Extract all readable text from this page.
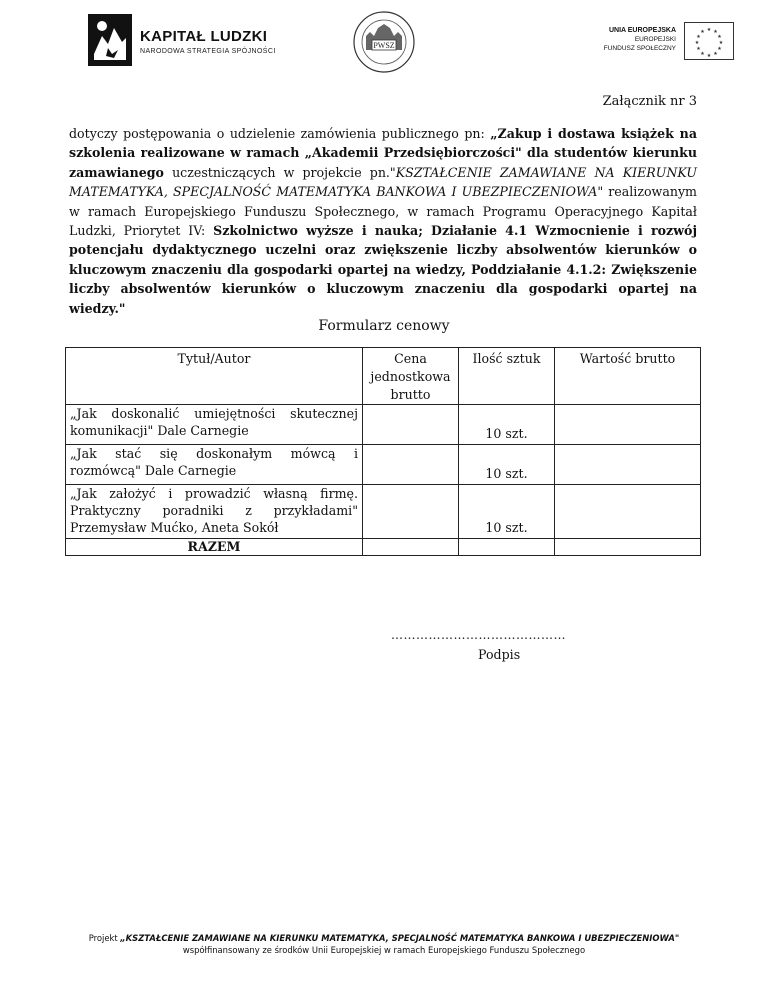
KAPITAŁ LUDZKI
NARODOWA STRATEGIA SPÓJNOŚCI
PWSZ
UNIA EUROPEJSKA
EUROPEJSKI
FUNDUSZ SPOŁECZNY
★ ★
★
★
★
★
★
★
★
★
★
★
Załącznik nr 3
dotyczy postępowania o udzielenie zamówienia publicznego pn: „Zakup i dostawa książek na szkolenia realizowane w ramach „Akademii Przedsiębiorczości" dla studentów kierunku zamawianego uczestniczących w projekcie pn."KSZTAŁCENIE ZAMAWIANE NA KIERUNKU MATEMATYKA, SPECJALNOŚĆ MATEMATYKA BANKOWA I UBEZPIECZENIOWA" realizowanym w ramach Europejskiego Funduszu Społecznego, w ramach Programu Operacyjnego Kapitał Ludzki, Priorytet IV: Szkolnictwo wyższe i nauka; Działanie 4.1 Wzmocnienie i rozwój potencjału dydaktycznego uczelni oraz zwiększenie liczby absolwentów kierunków o kluczowym znaczeniu dla gospodarki opartej na wiedzy, Poddziałanie 4.1.2: Zwiększenie liczby absolwentów kierunków o kluczowym znaczeniu dla gospodarki opartej na wiedzy."
Formularz cenowy
Tytuł/Autor	Cena jednostkowa brutto	Ilość sztuk	Wartość brutto
„Jak doskonalić umiejętności skutecznej komunikacji" Dale Carnegie		10 szt.	
„Jak stać się doskonałym mówcą i rozmówcą" Dale Carnegie		10 szt.	
„Jak założyć i prowadzić własną firmę. Praktyczny poradniki z przykładami" Przemysław Mućko, Aneta Sokół		10 szt.	
RAZEM			
……………………………………
Podpis
Projekt „KSZTAŁCENIE ZAMAWIANE NA KIERUNKU MATEMATYKA, SPECJALNOŚĆ MATEMATYKA BANKOWA I UBEZPIECZENIOWA"
współfinansowany ze środków Unii Europejskiej w ramach Europejskiego Funduszu Społecznego
